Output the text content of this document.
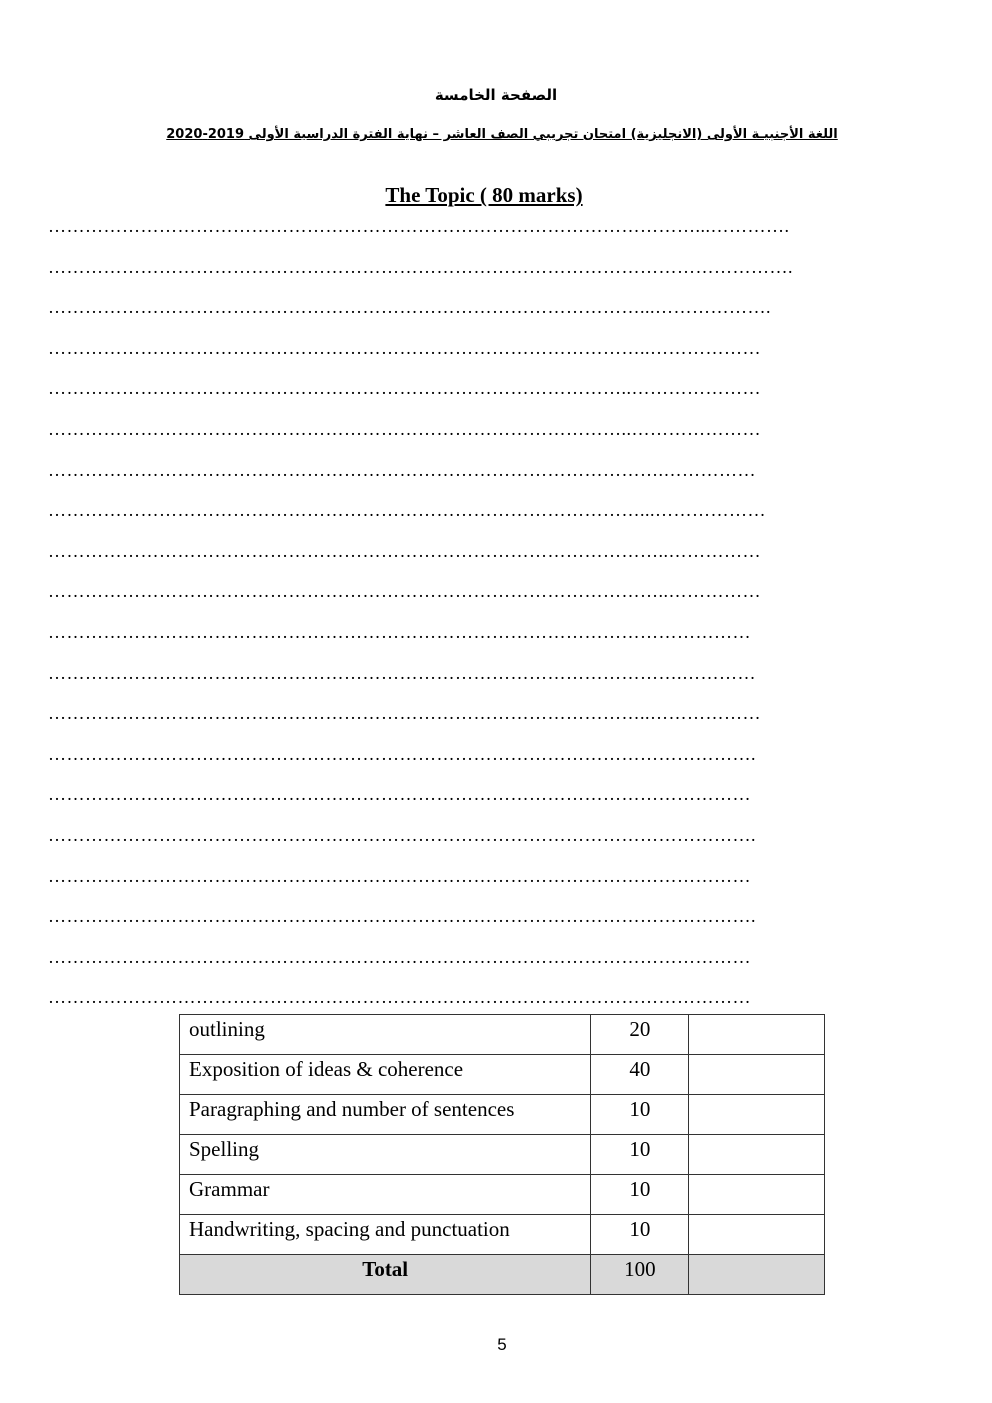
الصفحة الخامسة
اللغة الأجنبيـة الأولى (الانجليزية) امتحان تجريبي الصف العاشر – نهاية الفترة الدراسية الأولى 2019-2020
The Topic ( 80 marks)
……………………………………………………………………………………………...………….
………………………………………………………………………………………………………….
……………………………………………………………………………………...……………….
……………………………………………………………………………………..………………
…………………………………………………………………………………..…………………
…………………………………………………………………………………..…………………
……………………………………………………………………………………….……………
……………………………………………………………………………………...………………
………………………………………………………………………………………..……………
………………………………………………………………………………………..……………
……………………………………………………………………………………………………
………………………………………………………………………………………….…………
……………………………………………………………………………………..………………
…………………………………………………………………………………………………….
……………………………………………………………………………………………………
…………………………………………………………………………………………………….
……………………………………………………………………………………………………
…………………………………………………………………………………………………….
……………………………………………………………………………………………………
……………………………………………………………………………………………………
outlining	20	
Exposition of ideas & coherence	40	
Paragraphing and number of sentences	10	
Spelling	10	
Grammar	10	
Handwriting, spacing and punctuation	10	
Total	100	
5
